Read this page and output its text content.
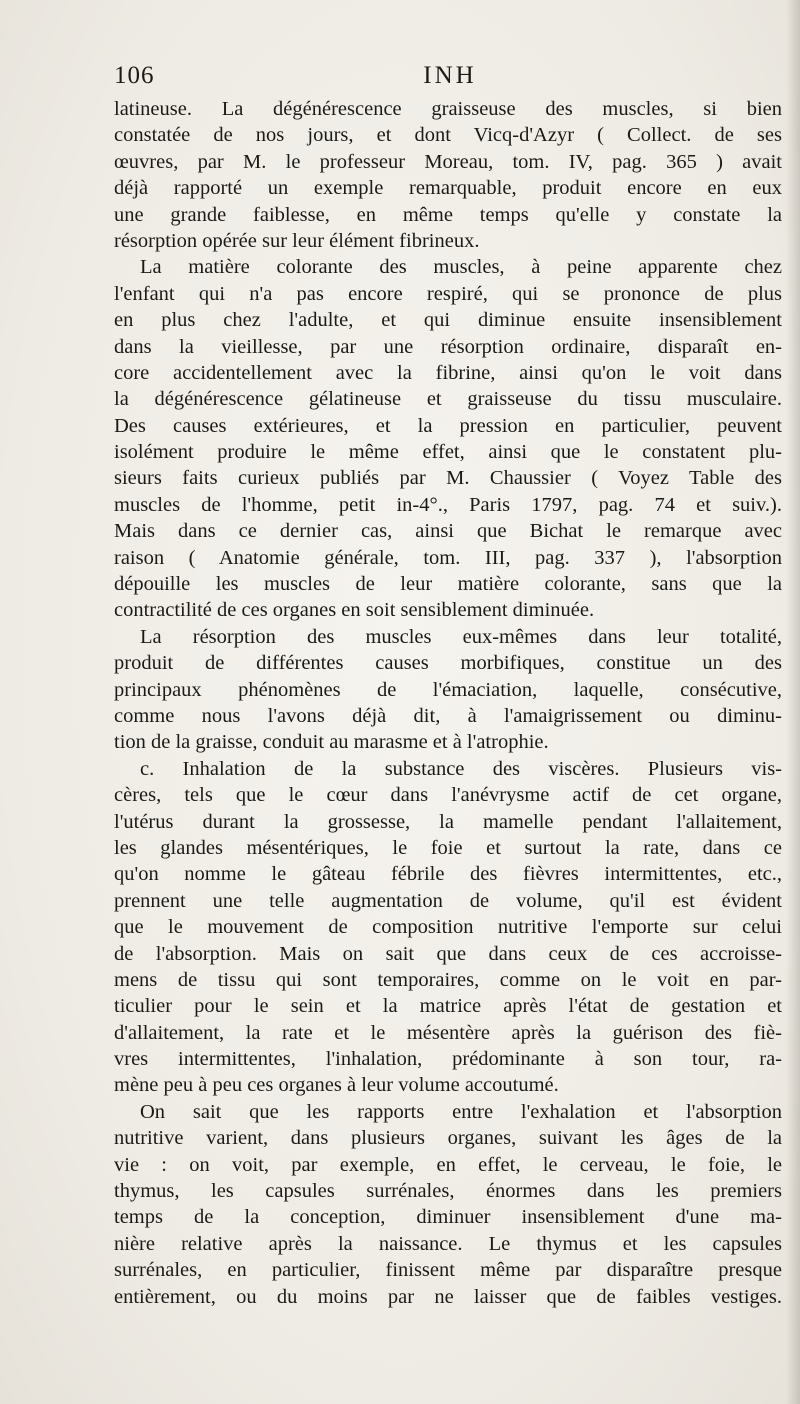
106	INH
latineuse. La dégénérescence graisseuse des muscles, si bien
constatée de nos jours, et dont Vicq-d'Azyr ( Collect. de ses
œuvres, par M. le professeur Moreau, tom. IV, pag. 365 ) avait
déjà rapporté un exemple remarquable, produit encore en eux
une grande faiblesse, en même temps qu'elle y constate la
résorption opérée sur leur élément fibrineux.
La matière colorante des muscles, à peine apparente chez
l'enfant qui n'a pas encore respiré, qui se prononce de plus
en plus chez l'adulte, et qui diminue ensuite insensiblement
dans la vieillesse, par une résorption ordinaire, disparaît en-
core accidentellement avec la fibrine, ainsi qu'on le voit dans
la dégénérescence gélatineuse et graisseuse du tissu musculaire.
Des causes extérieures, et la pression en particulier, peuvent
isolément produire le même effet, ainsi que le constatent plu-
sieurs faits curieux publiés par M. Chaussier ( Voyez Table des
muscles de l'homme, petit in-4°., Paris 1797, pag. 74 et suiv.).
Mais dans ce dernier cas, ainsi que Bichat le remarque avec
raison ( Anatomie générale, tom. III, pag. 337 ), l'absorption
dépouille les muscles de leur matière colorante, sans que la
contractilité de ces organes en soit sensiblement diminuée.
La résorption des muscles eux-mêmes dans leur totalité,
produit de différentes causes morbifiques, constitue un des
principaux phénomènes de l'émaciation, laquelle, consécutive,
comme nous l'avons déjà dit, à l'amaigrissement ou diminu-
tion de la graisse, conduit au marasme et à l'atrophie.
c. Inhalation de la substance des viscères. Plusieurs vis-
cères, tels que le cœur dans l'anévrysme actif de cet organe,
l'utérus durant la grossesse, la mamelle pendant l'allaitement,
les glandes mésentériques, le foie et surtout la rate, dans ce
qu'on nomme le gâteau fébrile des fièvres intermittentes, etc.,
prennent une telle augmentation de volume, qu'il est évident
que le mouvement de composition nutritive l'emporte sur celui
de l'absorption. Mais on sait que dans ceux de ces accroisse-
mens de tissu qui sont temporaires, comme on le voit en par-
ticulier pour le sein et la matrice après l'état de gestation et
d'allaitement, la rate et le mésentère après la guérison des fiè-
vres intermittentes, l'inhalation, prédominante à son tour, ra-
mène peu à peu ces organes à leur volume accoutumé.
On sait que les rapports entre l'exhalation et l'absorption
nutritive varient, dans plusieurs organes, suivant les âges de la
vie : on voit, par exemple, en effet, le cerveau, le foie, le
thymus, les capsules surrénales, énormes dans les premiers
temps de la conception, diminuer insensiblement d'une ma-
nière relative après la naissance. Le thymus et les capsules
surrénales, en particulier, finissent même par disparaître presque
entièrement, ou du moins par ne laisser que de faibles vestiges.
